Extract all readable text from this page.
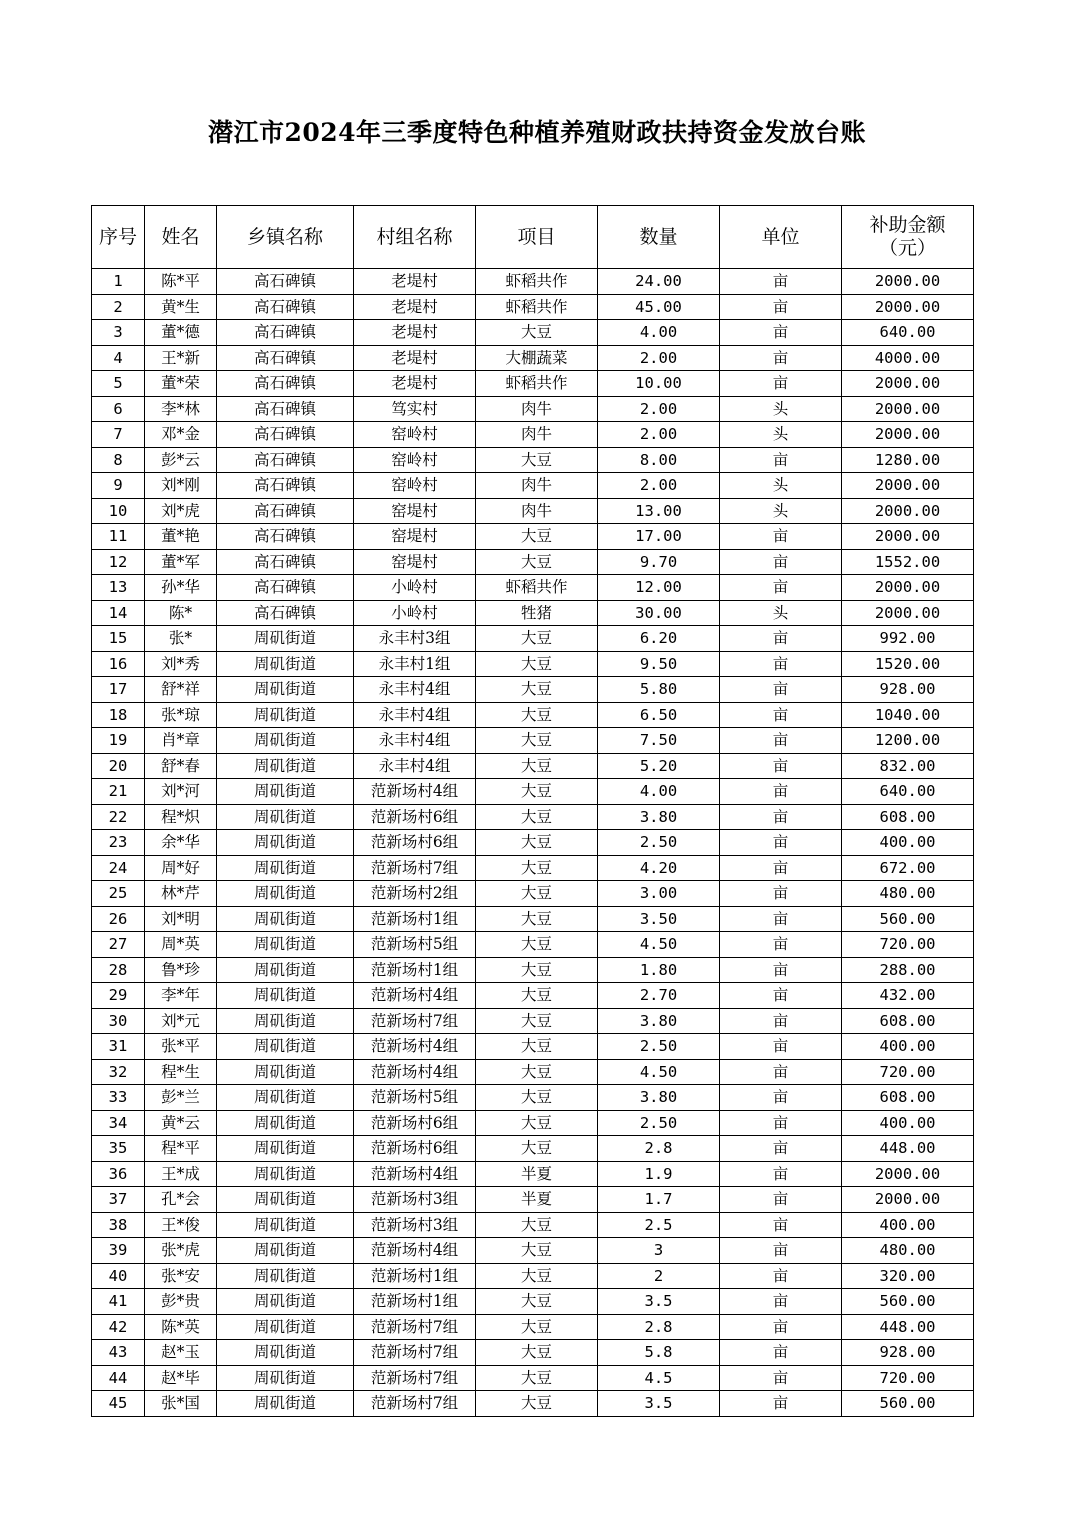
潜江市2024年三季度特色种植养殖财政扶持资金发放台账
序号	姓名	乡镇名称	村组名称	项目	数量	单位	补助金额
（元）

1	陈*平	高石碑镇	老堤村	虾稻共作	24.00	亩	2000.00
2	黄*生	高石碑镇	老堤村	虾稻共作	45.00	亩	2000.00
3	董*德	高石碑镇	老堤村	大豆	4.00	亩	640.00
4	王*新	高石碑镇	老堤村	大棚蔬菜	2.00	亩	4000.00
5	董*荣	高石碑镇	老堤村	虾稻共作	10.00	亩	2000.00
6	李*林	高石碑镇	笃实村	肉牛	2.00	头	2000.00
7	邓*金	高石碑镇	窑岭村	肉牛	2.00	头	2000.00
8	彭*云	高石碑镇	窑岭村	大豆	8.00	亩	1280.00
9	刘*刚	高石碑镇	窑岭村	肉牛	2.00	头	2000.00
10	刘*虎	高石碑镇	窑堤村	肉牛	13.00	头	2000.00
11	董*艳	高石碑镇	窑堤村	大豆	17.00	亩	2000.00
12	董*军	高石碑镇	窑堤村	大豆	9.70	亩	1552.00
13	孙*华	高石碑镇	小岭村	虾稻共作	12.00	亩	2000.00
14	陈*	高石碑镇	小岭村	牲猪	30.00	头	2000.00
15	张*	周矶街道	永丰村3组	大豆	6.20	亩	992.00
16	刘*秀	周矶街道	永丰村1组	大豆	9.50	亩	1520.00
17	舒*祥	周矶街道	永丰村4组	大豆	5.80	亩	928.00
18	张*琼	周矶街道	永丰村4组	大豆	6.50	亩	1040.00
19	肖*章	周矶街道	永丰村4组	大豆	7.50	亩	1200.00
20	舒*春	周矶街道	永丰村4组	大豆	5.20	亩	832.00
21	刘*河	周矶街道	范新场村4组	大豆	4.00	亩	640.00
22	程*炽	周矶街道	范新场村6组	大豆	3.80	亩	608.00
23	余*华	周矶街道	范新场村6组	大豆	2.50	亩	400.00
24	周*好	周矶街道	范新场村7组	大豆	4.20	亩	672.00
25	林*芹	周矶街道	范新场村2组	大豆	3.00	亩	480.00
26	刘*明	周矶街道	范新场村1组	大豆	3.50	亩	560.00
27	周*英	周矶街道	范新场村5组	大豆	4.50	亩	720.00
28	鲁*珍	周矶街道	范新场村1组	大豆	1.80	亩	288.00
29	李*年	周矶街道	范新场村4组	大豆	2.70	亩	432.00
30	刘*元	周矶街道	范新场村7组	大豆	3.80	亩	608.00
31	张*平	周矶街道	范新场村4组	大豆	2.50	亩	400.00
32	程*生	周矶街道	范新场村4组	大豆	4.50	亩	720.00
33	彭*兰	周矶街道	范新场村5组	大豆	3.80	亩	608.00
34	黄*云	周矶街道	范新场村6组	大豆	2.50	亩	400.00
35	程*平	周矶街道	范新场村6组	大豆	2.8	亩	448.00
36	王*成	周矶街道	范新场村4组	半夏	1.9	亩	2000.00
37	孔*会	周矶街道	范新场村3组	半夏	1.7	亩	2000.00
38	王*俊	周矶街道	范新场村3组	大豆	2.5	亩	400.00
39	张*虎	周矶街道	范新场村4组	大豆	3	亩	480.00
40	张*安	周矶街道	范新场村1组	大豆	2	亩	320.00
41	彭*贵	周矶街道	范新场村1组	大豆	3.5	亩	560.00
42	陈*英	周矶街道	范新场村7组	大豆	2.8	亩	448.00
43	赵*玉	周矶街道	范新场村7组	大豆	5.8	亩	928.00
44	赵*毕	周矶街道	范新场村7组	大豆	4.5	亩	720.00
45	张*国	周矶街道	范新场村7组	大豆	3.5	亩	560.00
